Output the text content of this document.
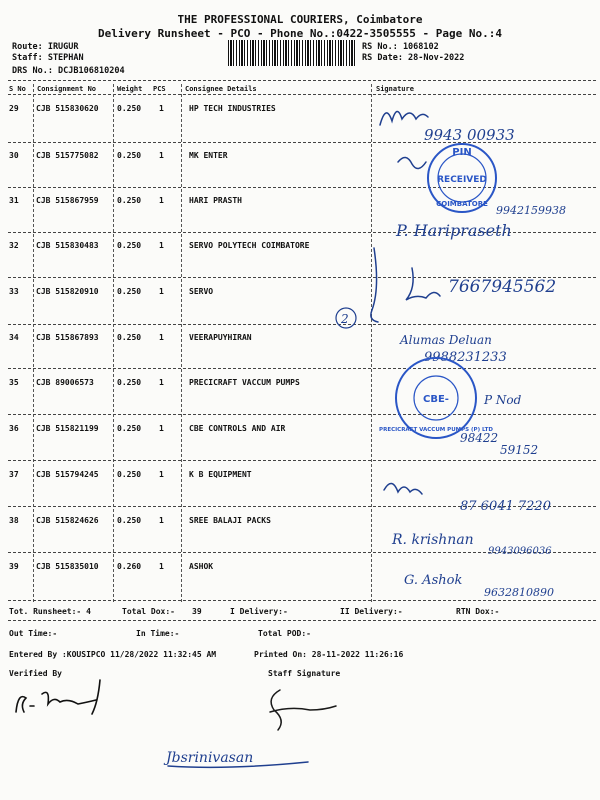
THE PROFESSIONAL COURIERS, Coimbatore
Delivery Runsheet - PCO - Phone No.:0422-3505555 - Page No.:4
Route: IRUGUR
Staff: STEPHAN
DRS No.: DCJB106810204
RS No.: 1068102
RS Date: 28-Nov-2022
S No Consignment No	Weight PCS	Consignee Details	Signature
29 CJB 515830620 0.250 1	HP TECH INDUSTRIES
30 CJB 515775082 0.250 1	MK ENTER
31 CJB 515867959 0.250 1	HARI PRASTH
32 CJB 515830483 0.250 1	SERVO POLYTECH COIMBATORE
33 CJB 515820910 0.250 1	SERVO
34 CJB 515867893 0.250 1	VEERAPUYHIRAN
35 CJB 89006573	0.250 1	PRECICRAFT VACCUM PUMPS
36 CJB 515821199 0.250 1	CBE CONTROLS AND AIR
37 CJB 515794245 0.250 1	K B EQUIPMENT
38 CJB 515824626 0.250 1	SREE BALAJI PACKS
39 CJB 515835010 0.260 1	ASHOK
Tot. Runsheet:- 4	Total Dox:- 39	I Delivery:-	II Delivery:-	RTN Dox:-
Out Time:-	In Time:-	Total POD:-
Entered By :KOUSIPCO 11/28/2022 11:32:45 AM	Printed On: 28-11-2022 11:26:16
Verified By	Staff Signature
9943 00933
PIN
RECEIVED
COIMBATORE 9942159938
P. Haripraseth
7667945562
2
Alumas Deluan
9988231233
CBE-
PRECICRAFT VACCUM PUMPS (P) LTD
P Nod
98422
59152
87 6041 7220
R. krishnan
9943096036
G. Ashok
9632810890
Jbsrinivasan
